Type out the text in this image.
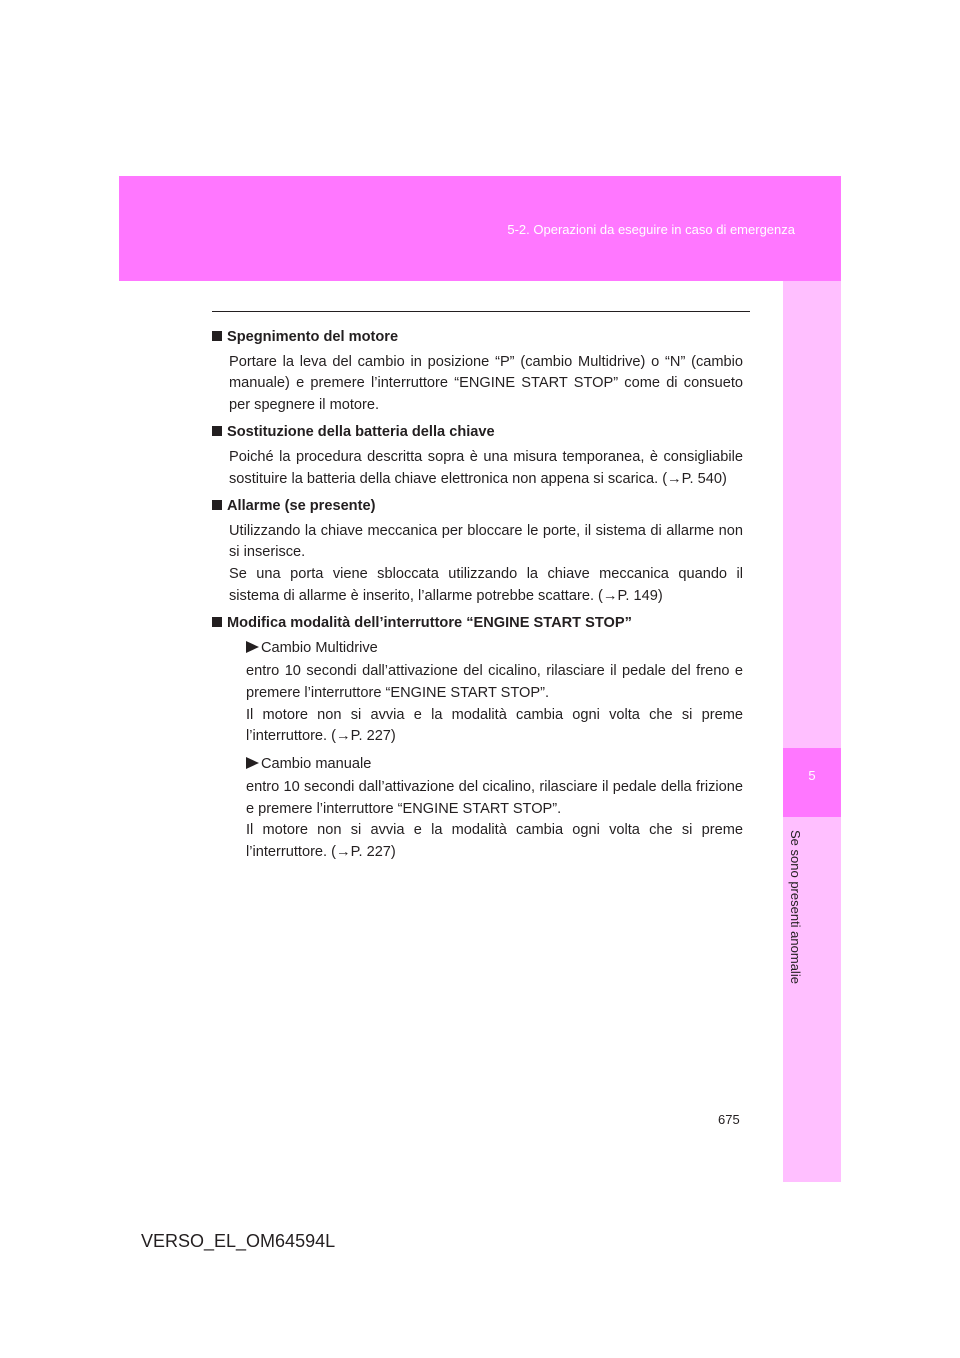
5-2. Operazioni da eseguire in caso di emergenza
5
Se sono presenti anomalie
Spegnimento del motore

Portare la leva del cambio in posizione “P” (cambio Multidrive) o “N” (cambio manuale) e premere l’interruttore “ENGINE START STOP” come di consueto per spegnere il motore.

Sostituzione della batteria della chiave

Poiché la procedura descritta sopra è una misura temporanea, è consigliabile sostituire la batteria della chiave elettronica non appena si scarica. (→P. 540)

Allarme (se presente)

Utilizzando la chiave meccanica per bloccare le porte, il sistema di allarme non si inserisce.

Se una porta viene sbloccata utilizzando la chiave meccanica quando il sistema di allarme è inserito, l’allarme potrebbe scattare. (→P. 149)

Modifica modalità dell’interruttore “ENGINE START STOP”
Cambio Multidrive
entro 10 secondi dall’attivazione del cicalino, rilasciare il pedale del freno e premere l’interruttore “ENGINE START STOP”.
Il motore non si avvia e la modalità cambia ogni volta che si preme l’interruttore. (→P. 227)
Cambio manuale
entro 10 secondi dall’attivazione del cicalino, rilasciare il pedale della frizione e premere l’interruttore “ENGINE START STOP”.
Il motore non si avvia e la modalità cambia ogni volta che si preme l’interruttore. (→P. 227)
675
VERSO_EL_OM64594L
